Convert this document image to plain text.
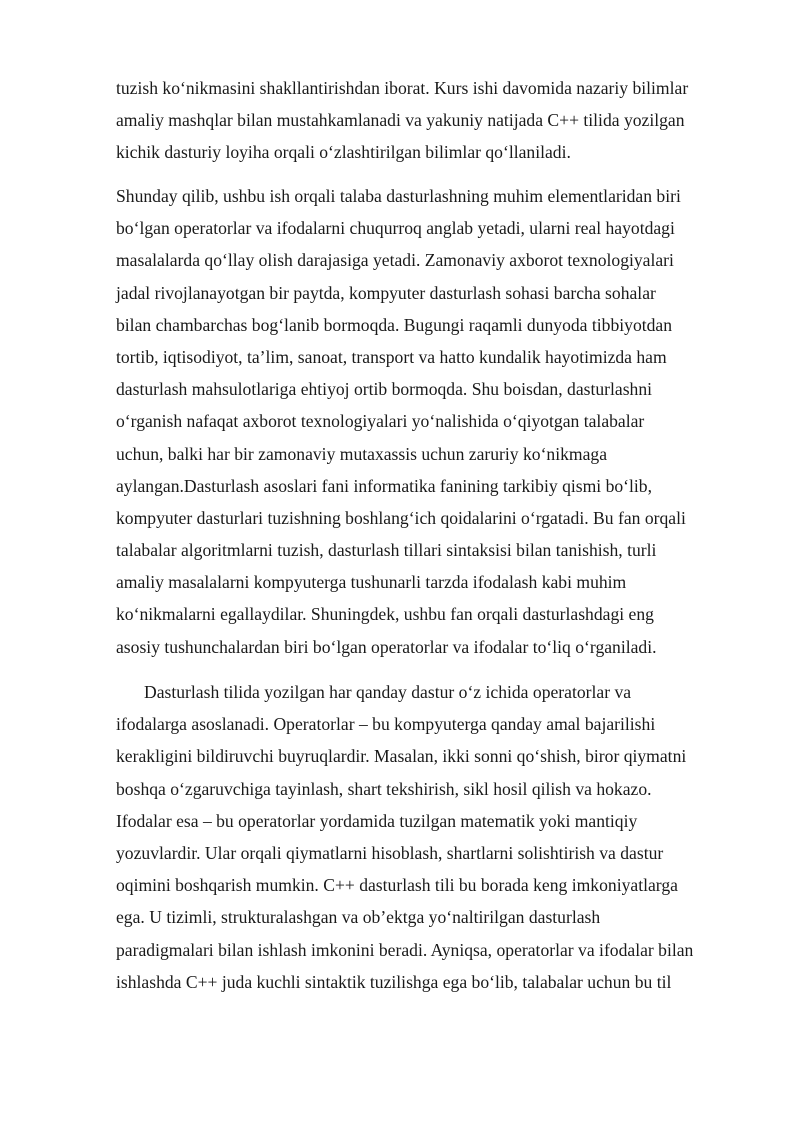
tuzish ko‘nikmasini shakllantirishdan iborat. Kurs ishi davomida nazariy bilimlar
amaliy mashqlar bilan mustahkamlanadi va yakuniy natijada C++ tilida yozilgan
kichik dasturiy loyiha orqali o‘zlashtirilgan bilimlar qo‘llaniladi.
Shunday qilib, ushbu ish orqali talaba dasturlashning muhim elementlaridan biri
bo‘lgan operatorlar va ifodalarni chuqurroq anglab yetadi, ularni real hayotdagi
masalalarda qo‘llay olish darajasiga yetadi. Zamonaviy axborot texnologiyalari
jadal rivojlanayotgan bir paytda, kompyuter dasturlash sohasi barcha sohalar
bilan chambarchas bog‘lanib bormoqda. Bugungi raqamli dunyoda tibbiyotdan
tortib, iqtisodiyot, ta’lim, sanoat, transport va hatto kundalik hayotimizda ham
dasturlash mahsulotlariga ehtiyoj ortib bormoqda. Shu boisdan, dasturlashni
o‘rganish nafaqat axborot texnologiyalari yo‘nalishida o‘qiyotgan talabalar
uchun, balki har bir zamonaviy mutaxassis uchun zaruriy ko‘nikmaga
aylangan.Dasturlash asoslari fani informatika fanining tarkibiy qismi bo‘lib,
kompyuter dasturlari tuzishning boshlang‘ich qoidalarini o‘rgatadi. Bu fan orqali
talabalar algoritmlarni tuzish, dasturlash tillari sintaksisi bilan tanishish, turli
amaliy masalalarni kompyuterga tushunarli tarzda ifodalash kabi muhim
ko‘nikmalarni egallaydilar. Shuningdek, ushbu fan orqali dasturlashdagi eng
asosiy tushunchalardan biri bo‘lgan operatorlar va ifodalar to‘liq o‘rganiladi.
Dasturlash tilida yozilgan har qanday dastur o‘z ichida operatorlar va
ifodalarga asoslanadi. Operatorlar – bu kompyuterga qanday amal bajarilishi
kerakligini bildiruvchi buyruqlardir. Masalan, ikki sonni qo‘shish, biror qiymatni
boshqa o‘zgaruvchiga tayinlash, shart tekshirish, sikl hosil qilish va hokazo.
Ifodalar esa – bu operatorlar yordamida tuzilgan matematik yoki mantiqiy
yozuvlardir. Ular orqali qiymatlarni hisoblash, shartlarni solishtirish va dastur
oqimini boshqarish mumkin. C++ dasturlash tili bu borada keng imkoniyatlarga
ega. U tizimli, strukturalashgan va ob’ektga yo‘naltirilgan dasturlash
paradigmalari bilan ishlash imkonini beradi. Ayniqsa, operatorlar va ifodalar bilan
ishlashda C++ juda kuchli sintaktik tuzilishga ega bo‘lib, talabalar uchun bu til
